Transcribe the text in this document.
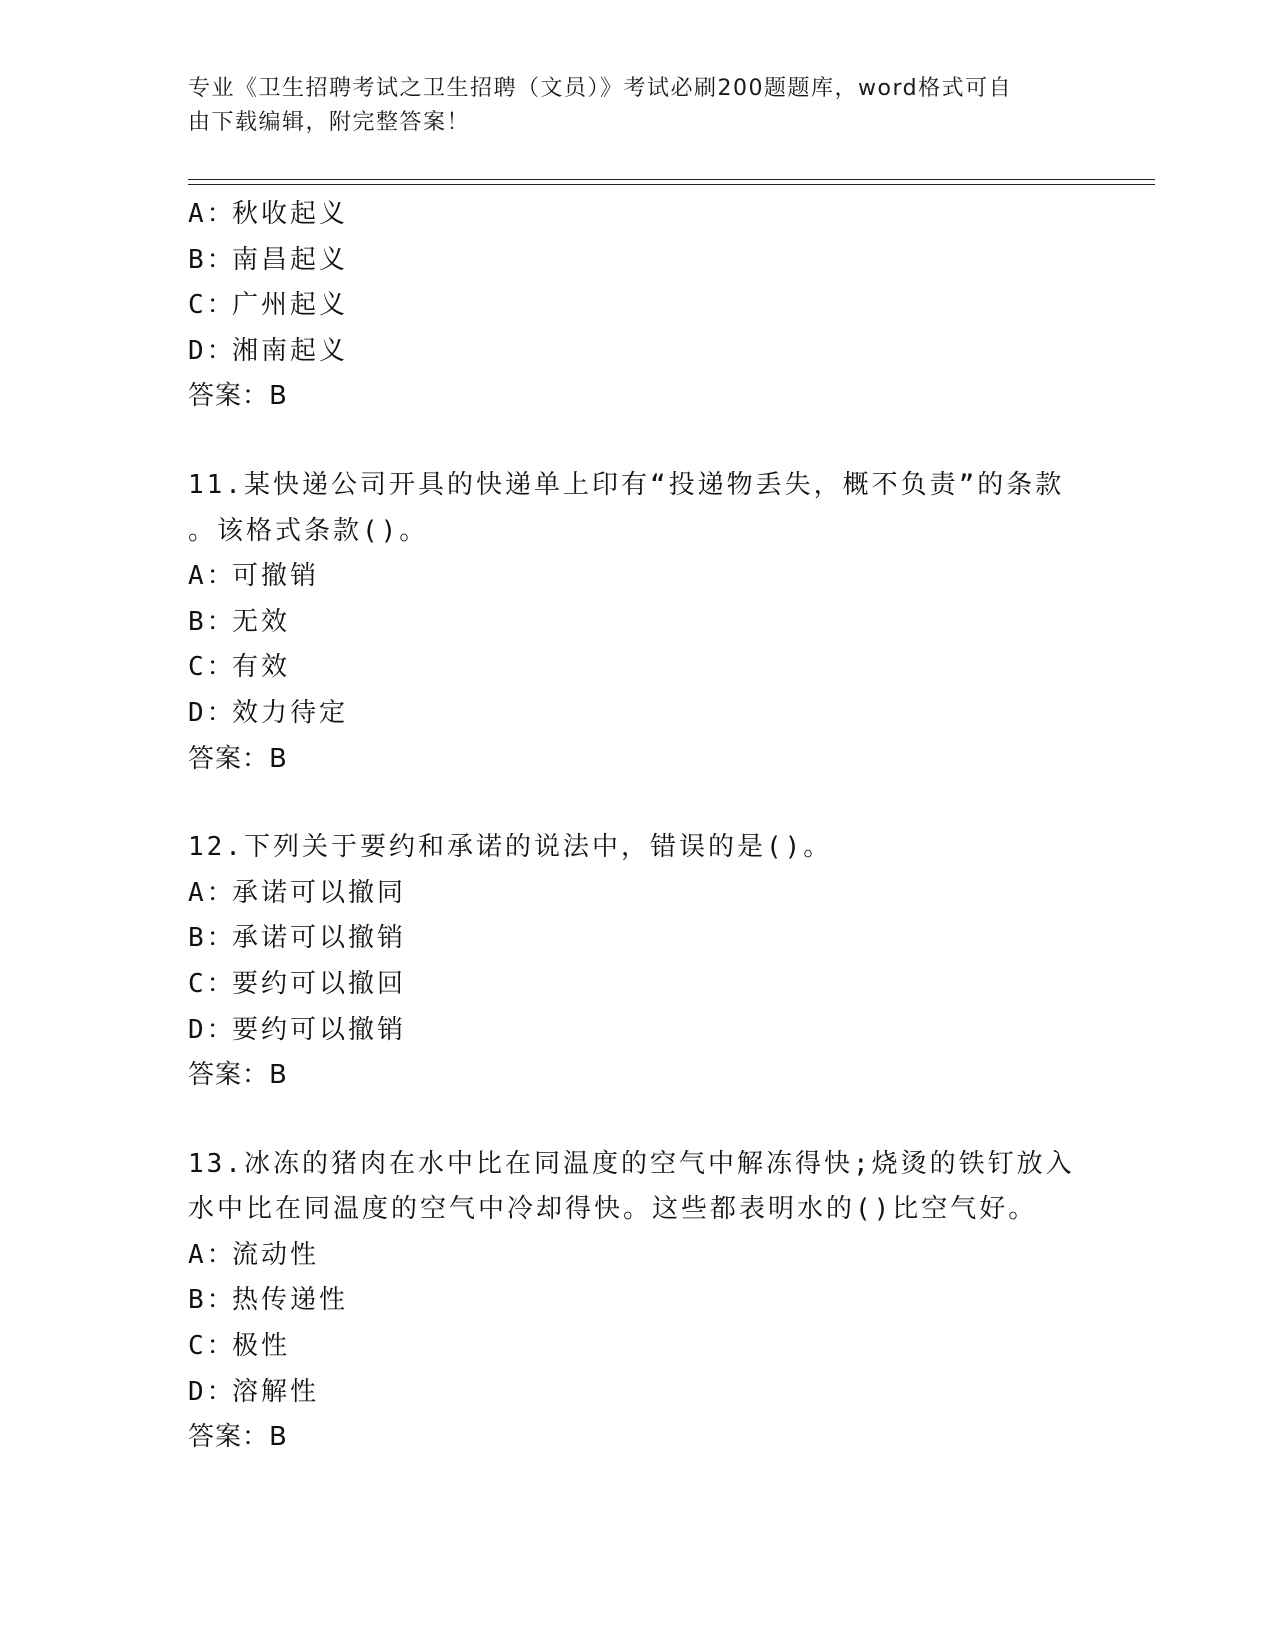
专业《卫生招聘考试之卫生招聘（文员）》考试必刷200题题库，word格式可自
由下载编辑，附完整答案！
A：秋收起义
B：南昌起义
C：广州起义
D：湘南起义
答案：B
11.某快递公司开具的快递单上印有“投递物丢失，概不负责”的条款
。该格式条款()。
A：可撤销
B：无效
C：有效
D：效力待定
答案：B
12.下列关于要约和承诺的说法中，错误的是()。
A：承诺可以撤同
B：承诺可以撤销
C：要约可以撤回
D：要约可以撤销
答案：B
13.冰冻的猪肉在水中比在同温度的空气中解冻得快;烧烫的铁钉放入
水中比在同温度的空气中冷却得快。这些都表明水的()比空气好。
A：流动性
B：热传递性
C：极性
D：溶解性
答案：B
